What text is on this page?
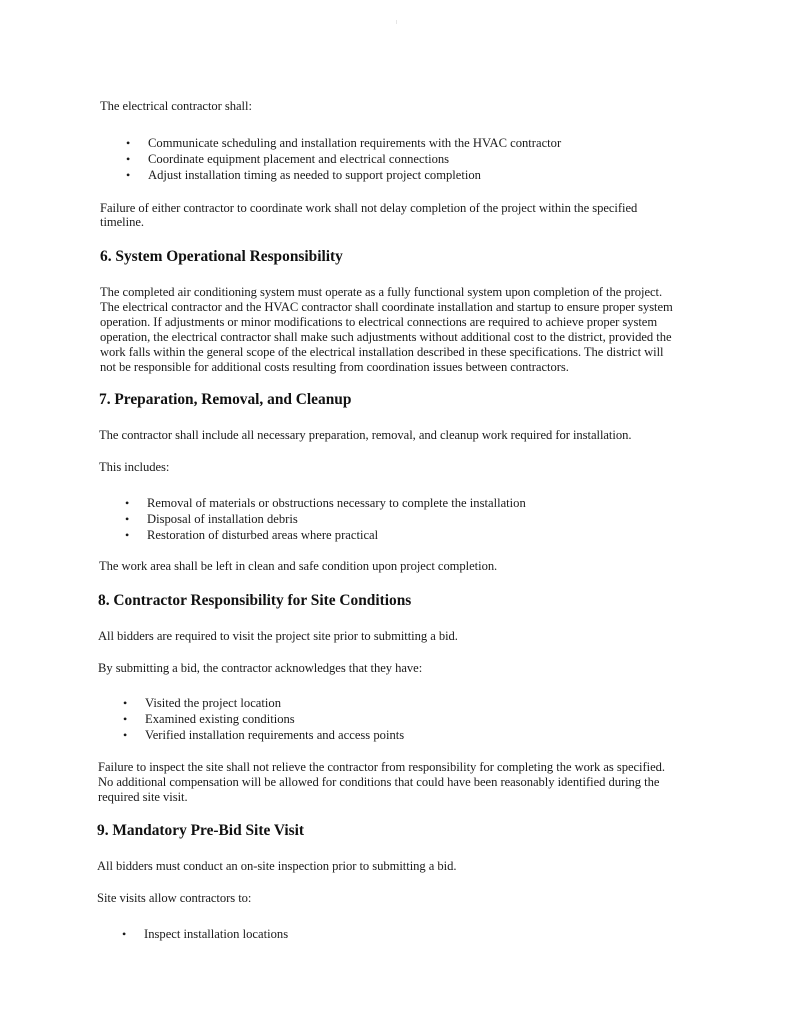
The electrical contractor shall:

• Communicate scheduling and installation requirements with the HVAC contractor
• Coordinate equipment placement and electrical connections
• Adjust installation timing as needed to support project completion

Failure of either contractor to coordinate work shall not delay completion of the project within the specified

timeline.

6. System Operational Responsibility

The completed air conditioning system must operate as a fully functional system upon completion of the project.

The electrical contractor and the HVAC contractor shall coordinate installation and startup to ensure proper system

operation. If adjustments or minor modifications to electrical connections are required to achieve proper system

operation, the electrical contractor shall make such adjustments without additional cost to the district, provided the

work falls within the general scope of the electrical installation described in these specifications. The district will

not be responsible for additional costs resulting from coordination issues between contractors.

7. Preparation, Removal, and Cleanup

The contractor shall include all necessary preparation, removal, and cleanup work required for installation.

This includes:

• Removal of materials or obstructions necessary to complete the installation
• Disposal of installation debris
• Restoration of disturbed areas where practical

The work area shall be left in clean and safe condition upon project completion.

8. Contractor Responsibility for Site Conditions

All bidders are required to visit the project site prior to submitting a bid.

By submitting a bid, the contractor acknowledges that they have:

• Visited the project location
• Examined existing conditions
• Verified installation requirements and access points

Failure to inspect the site shall not relieve the contractor from responsibility for completing the work as specified.

No additional compensation will be allowed for conditions that could have been reasonably identified during the

required site visit.

9. Mandatory Pre-Bid Site Visit

All bidders must conduct an on-site inspection prior to submitting a bid.

Site visits allow contractors to:

• Inspect installation locations
